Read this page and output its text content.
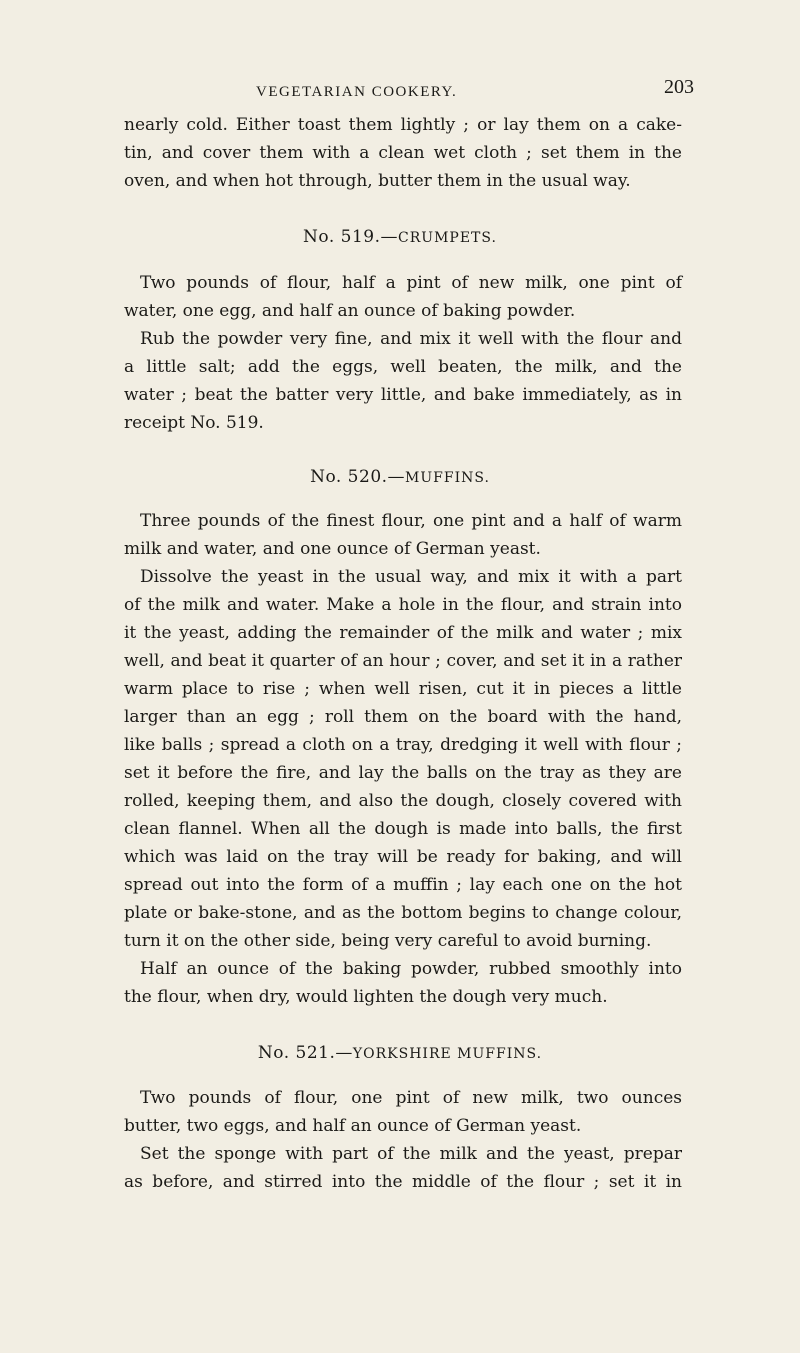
VEGETARIAN COOKERY.	203
nearly cold. Either toast them lightly ; or lay them on a cake-
tin, and cover them with a clean wet cloth ; set them in the
oven, and when hot through, butter them in the usual way.
No. 519.—CRUMPETS.
Two pounds of flour, half a pint of new milk, one pint of
water, one egg, and half an ounce of baking powder.
Rub the powder very fine, and mix it well with the flour and
a little salt; add the eggs, well beaten, the milk, and the
water ; beat the batter very little, and bake immediately, as in
receipt No. 519.
No. 520.—MUFFINS.
Three pounds of the finest flour, one pint and a half of warm
milk and water, and one ounce of German yeast.
Dissolve the yeast in the usual way, and mix it with a part
of the milk and water. Make a hole in the flour, and strain into
it the yeast, adding the remainder of the milk and water ; mix
well, and beat it quarter of an hour ; cover, and set it in a rather
warm place to rise ; when well risen, cut it in pieces a little
larger than an egg ; roll them on the board with the hand,
like balls ; spread a cloth on a tray, dredging it well with flour ;
set it before the fire, and lay the balls on the tray as they are
rolled, keeping them, and also the dough, closely covered with
clean flannel. When all the dough is made into balls, the first
which was laid on the tray will be ready for baking, and will
spread out into the form of a muffin ; lay each one on the hot
plate or bake-stone, and as the bottom begins to change colour,
turn it on the other side, being very careful to avoid burning.
Half an ounce of the baking powder, rubbed smoothly into
the flour, when dry, would lighten the dough very much.
No. 521.—YORKSHIRE MUFFINS.
Two pounds of flour, one pint of new milk, two ounces
butter, two eggs, and half an ounce of German yeast.
Set the sponge with part of the milk and the yeast, prepar
as before, and stirred into the middle of the flour ; set it in
